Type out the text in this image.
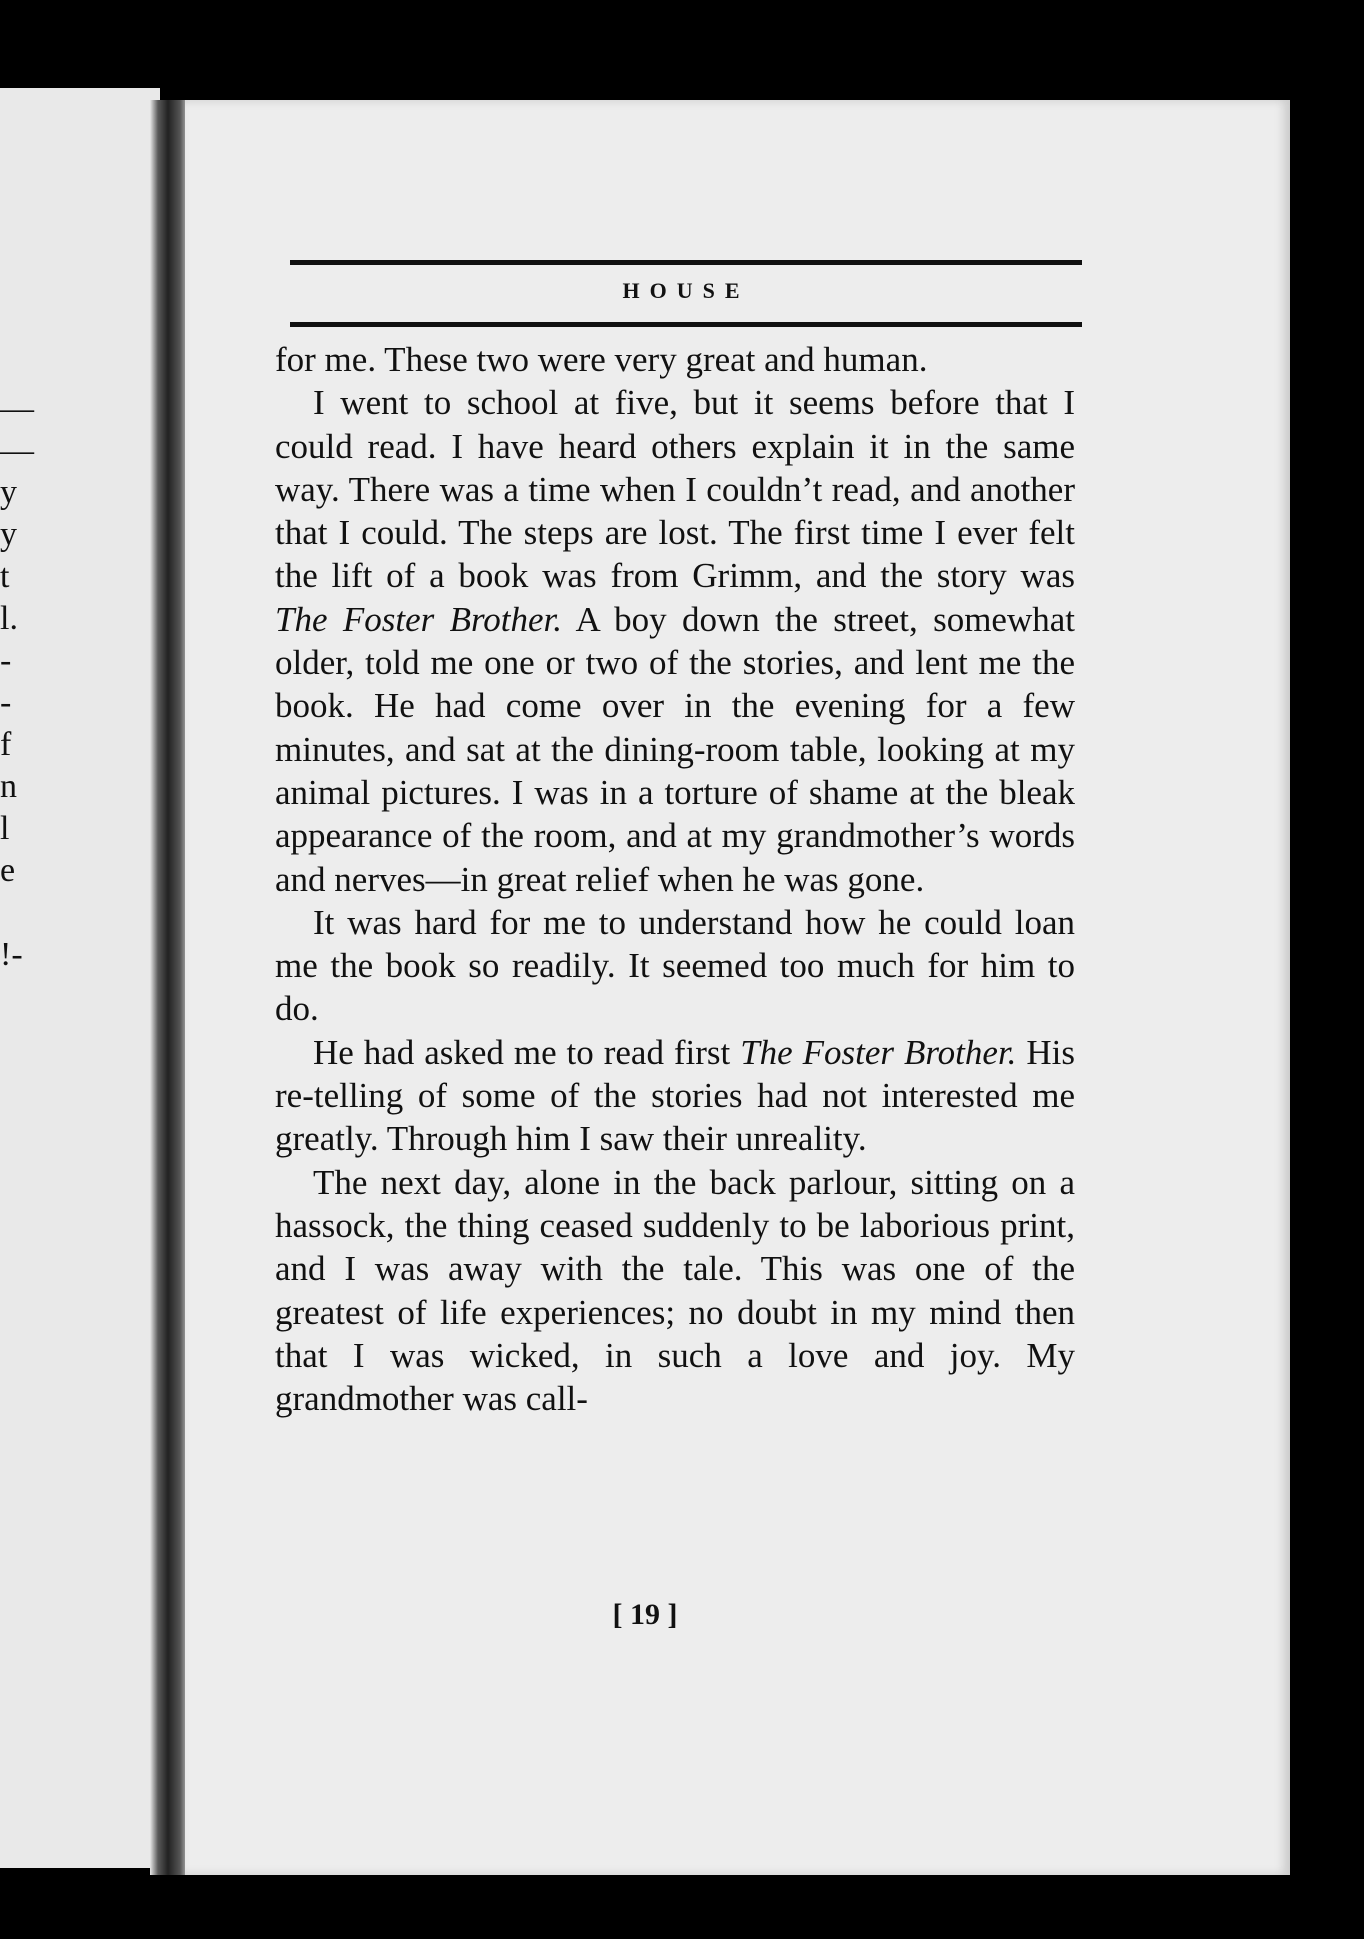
—
—
y
y
t
l.
-
-
f
n
l
e
!-
HOUSE

for me. These two were very great and human.

I went to school at five, but it seems before that I could read. I have heard others explain it in the same way. There was a time when I couldn’t read, and another that I could. The steps are lost. The first time I ever felt the lift of a book was from Grimm, and the story was The Foster Brother. A boy down the street, somewhat older, told me one or two of the stories, and lent me the book. He had come over in the evening for a few minutes, and sat at the dining-room table, looking at my animal pictures. I was in a torture of shame at the bleak appearance of the room, and at my grandmother’s words and nerves—in great relief when he was gone.

It was hard for me to understand how he could loan me the book so readily. It seemed too much for him to do.

He had asked me to read first The Foster Brother. His re-telling of some of the stories had not interested me greatly. Through him I saw their unreality.

The next day, alone in the back parlour, sitting on a hassock, the thing ceased suddenly to be laborious print, and I was away with the tale. This was one of the greatest of life experiences; no doubt in my mind then that I was wicked, in such a love and joy. My grandmother was call-

[ 19 ]
